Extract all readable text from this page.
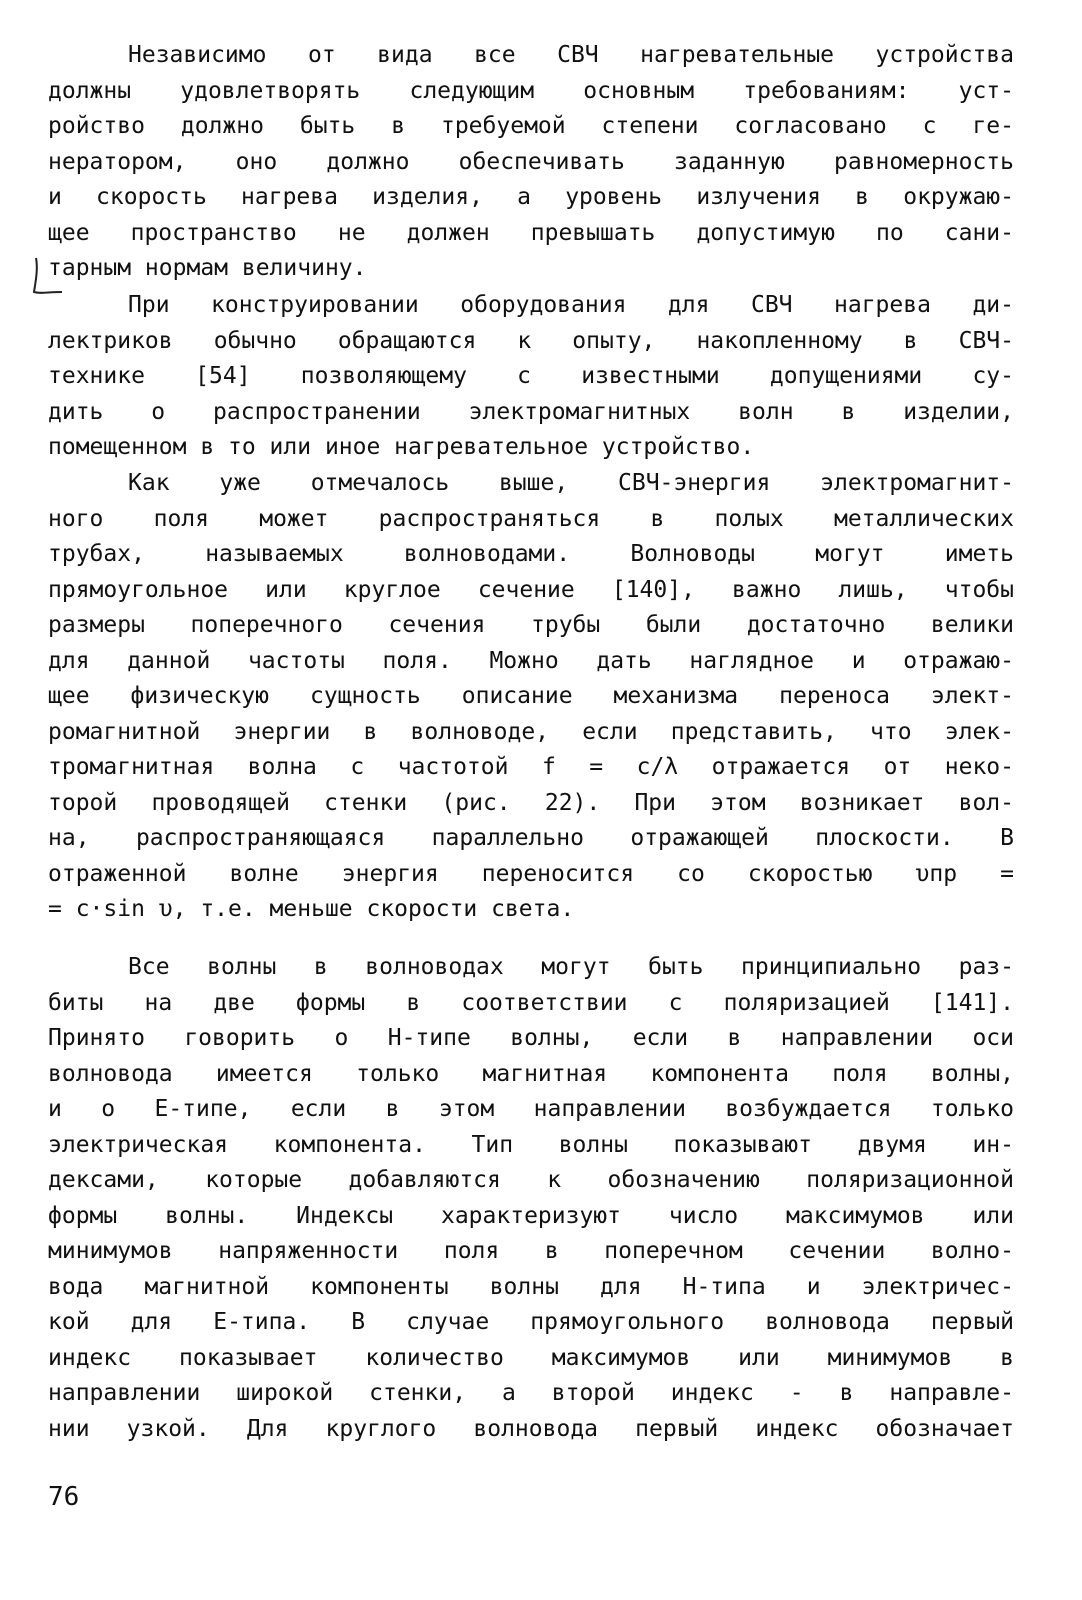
Независимо от вида все СВЧ нагревательные устройства
должны удовлетворять следующим основным требованиям: уст-
ройство должно быть в требуемой степени согласовано с ге-
нератором, оно должно обеспечивать заданную равномерность
и скорость нагрева изделия, а уровень излучения в окружаю-
щее пространство не должен превышать допустимую по сани-
тарным нормам величину.
При конструировании оборудования для СВЧ нагрева ди-
лектриков обычно обращаются к опыту, накопленному в СВЧ-
технике [54] позволяющему с известными допущениями су-
дить о распространении электромагнитных волн в изделии,
помещенном в то или иное нагревательное устройство.
Как уже отмечалось выше, СВЧ-энергия электромагнит-
ного поля может распространяться в полых металлических
трубах, называемых волноводами. Волноводы могут иметь
прямоугольное или круглое сечение [140], важно лишь, чтобы
размеры поперечного сечения трубы были достаточно велики
для данной частоты поля. Можно дать наглядное и отражаю-
щее физическую сущность описание механизма переноса элект-
ромагнитной энергии в волноводе, если представить, что элек-
тромагнитная волна с частотой f = c/λ отражается от неко-
торой проводящей стенки (рис. 22). При этом возникает вол-
на, распространяющаяся параллельно отражающей плоскости. В
отраженной волне энергия переносится со скоростью υпр =
= c·sin υ, т.е. меньше скорости света.
Все волны в волноводах могут быть принципиально раз-
биты на две формы в соответствии с поляризацией [141].
Принято говорить о Н-типе волны, если в направлении оси
волновода имеется только магнитная компонента поля волны,
и о Е-типе, если в этом направлении возбуждается только
электрическая компонента. Тип волны показывают двумя ин-
дексами, которые добавляются к обозначению поляризационной
формы волны. Индексы характеризуют число максимумов или
минимумов напряженности поля в поперечном сечении волно-
вода магнитной компоненты волны для Н-типа и электричес-
кой для Е-типа. В случае прямоугольного волновода первый
индекс показывает количество максимумов или минимумов в
направлении широкой стенки, а второй индекс - в направле-
нии узкой. Для круглого волновода первый индекс обозначает
76
